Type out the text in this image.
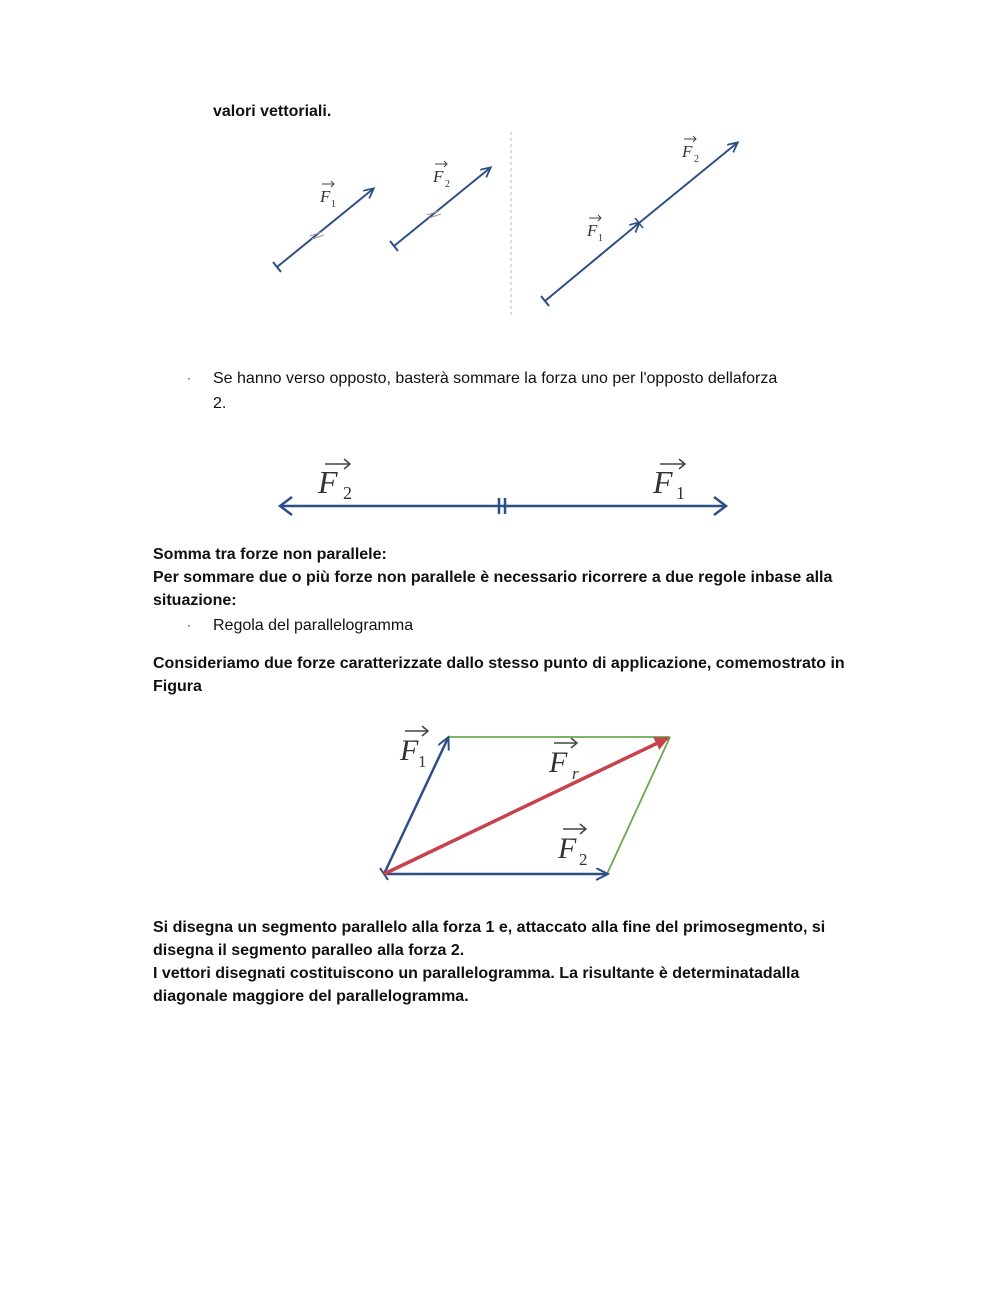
valori vettoriali.
F 1
F 2
F 2
F 1
· Se hanno verso opposto, basterà sommare la forza uno per l'opposto dellaforza
2.
F 2	F 1
Somma tra forze non parallele:
Per sommare due o più forze non parallele è necessario ricorrere a due regole inbase alla
situazione:
· Regola del parallelogramma
Consideriamo due forze caratterizzate dallo stesso punto di applicazione, comemostrato in
Figura
F 1	F r
F 2
Si disegna un segmento parallelo alla forza 1 e, attaccato alla fine del primosegmento, si
disegna il segmento paralleo alla forza 2.
I vettori disegnati costituiscono un parallelogramma. La risultante è determinatadalla
diagonale maggiore del parallelogramma.
